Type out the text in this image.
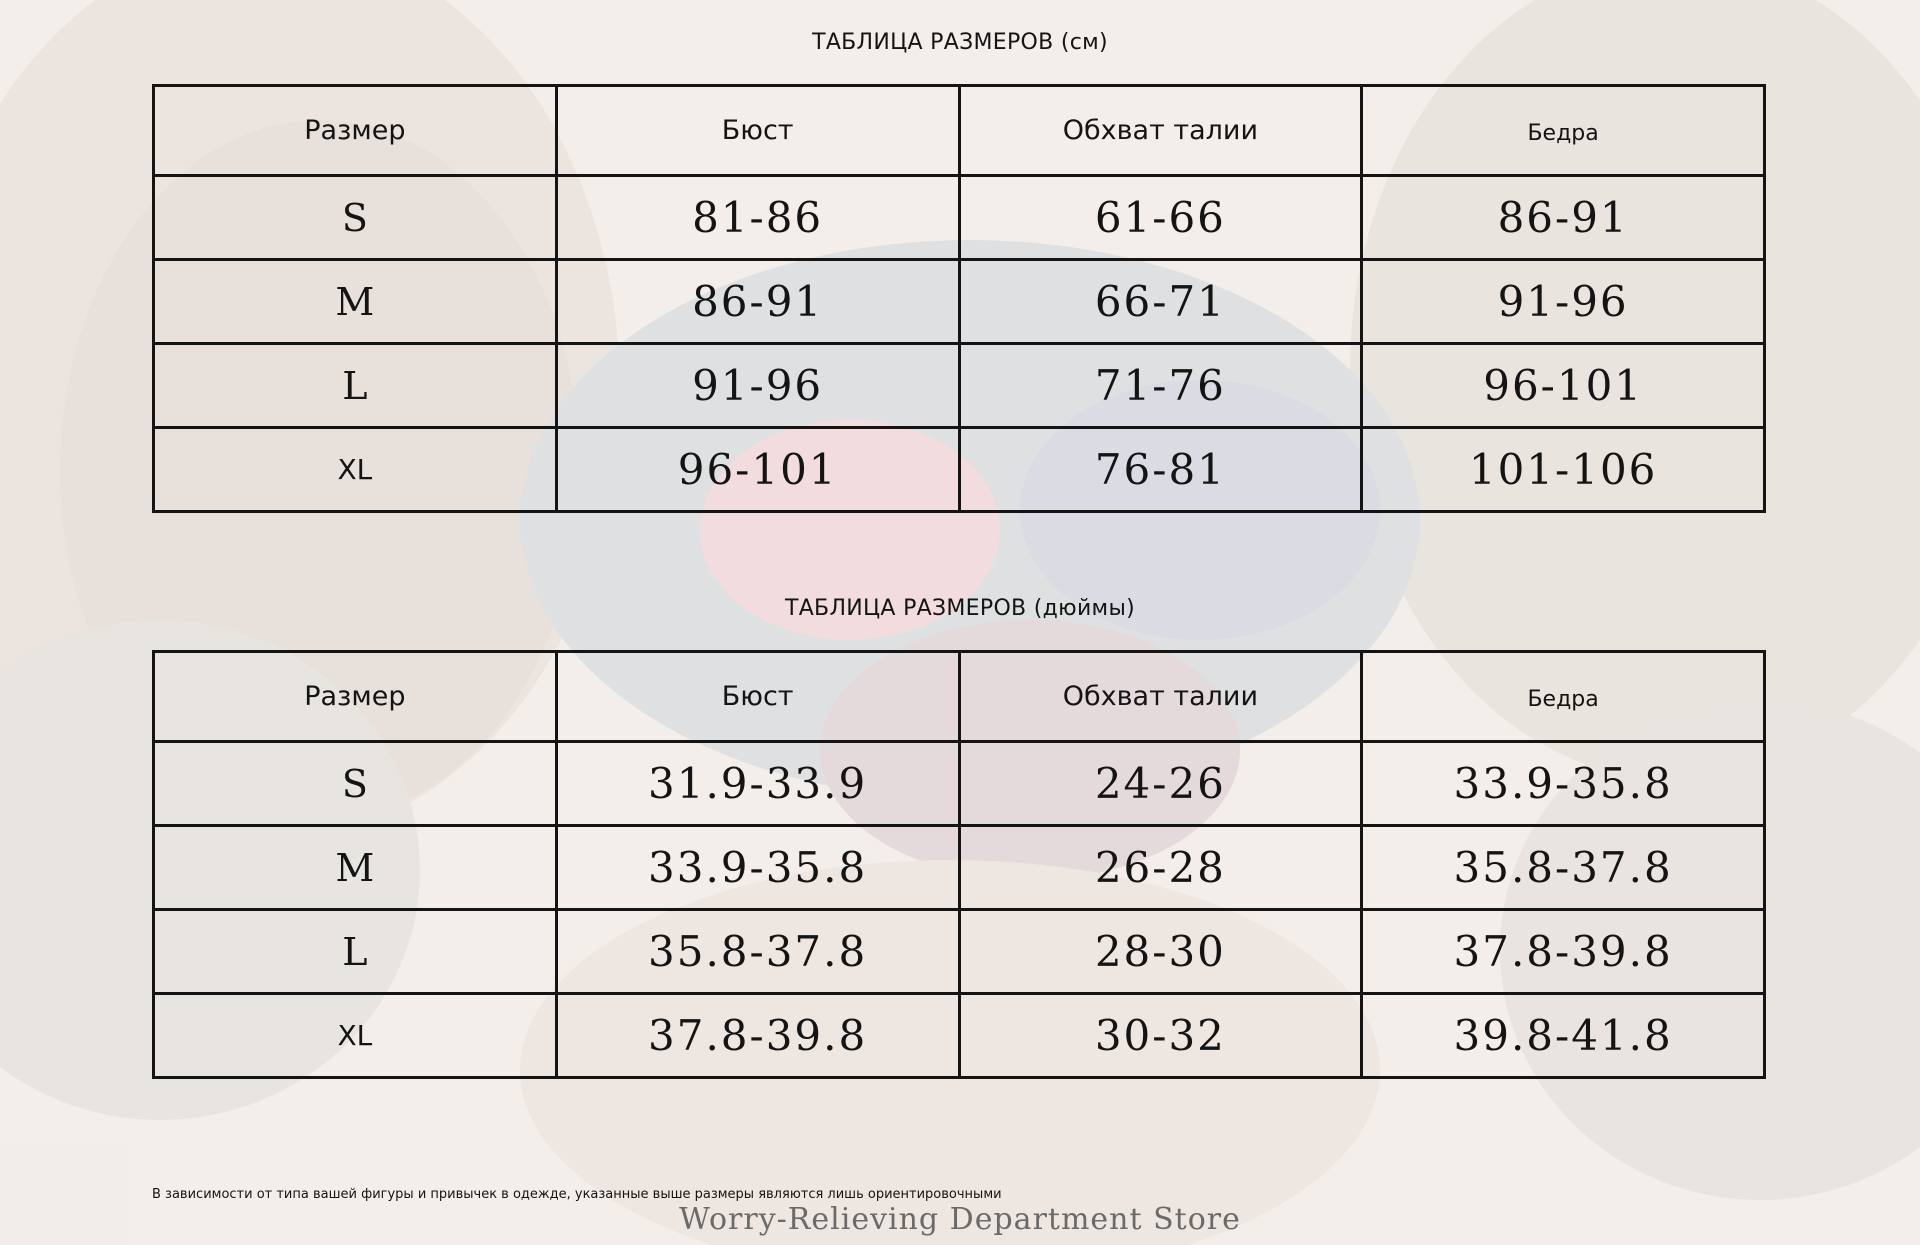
ТАБЛИЦА РАЗМЕРОВ (см)
Размер	Бюст	Обхват талии	Бедра
S	81-86	61-66	86-91
M	86-91	66-71	91-96
L	91-96	71-76	96-101
XL	96-101	76-81	101-106
ТАБЛИЦА РАЗМЕРОВ (дюймы)
Размер	Бюст	Обхват талии	Бедра
S	31.9-33.9	24-26	33.9-35.8
M	33.9-35.8	26-28	35.8-37.8
L	35.8-37.8	28-30	37.8-39.8
XL	37.8-39.8	30-32	39.8-41.8
В зависимости от типа вашей фигуры и привычек в одежде, указанные выше размеры являются лишь ориентировочными
Worry-Relieving Department Store
